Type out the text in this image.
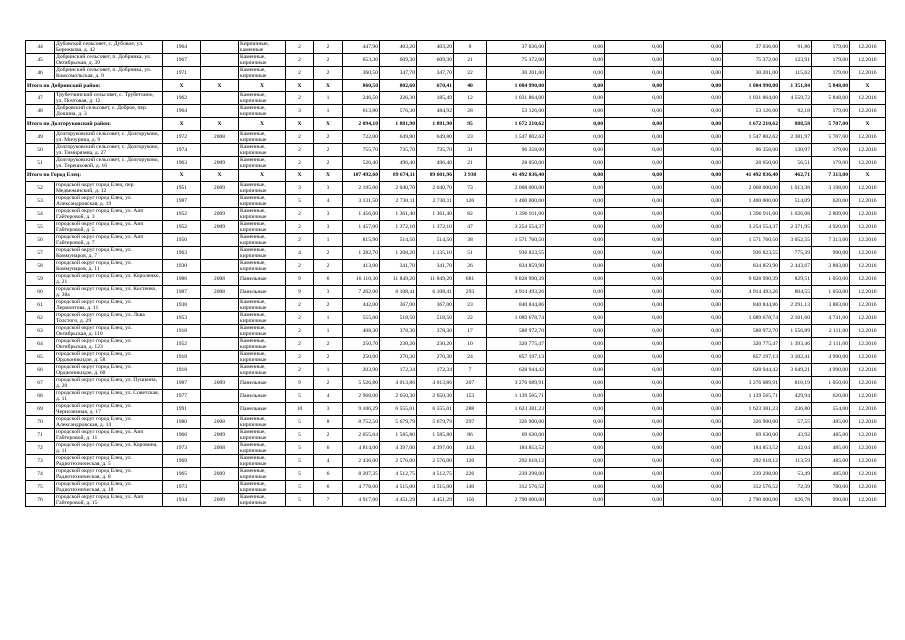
44	Дубовской сельсовет, с. Дубовое, ул. Бережкова, д. 42	1964		Кирпичные, каменные	2	2	447,90	403,20	403,20	8	37 036,00	0,00	0,00	0,00	37 036,00	91,86	179,00	12.2016
45	Добринский сельсовет, п. Добринка, ул. Октябрьская, д. 39	1967		Каменные, кирпичные	2	2	653,30	609,30	609,30	21	75 372,00	0,00	0,00	0,00	75 372,00	123,91	179,00	12.2016
46	Добринский сельсовет, п. Добринка, ул. Комсомольская, д. 9	1971		Каменные, кирпичные	2	2	360,50	347,70	347,70	22	30 201,00	0,00	0,00	0,00	30 201,00	115,62	179,00	12.2016
Итого по Добринский район:		X	X	X	X	X	860,50	802,60	670,41	40	1 084 990,00	0,00	0,00	0,00	1 084 990,00	1 351,84	5 848,00	X
47	Трубетчинский сельсовет, с. Трубетчино, ул. Почтовая, д. 12	1962		Каменные, кирпичные	2	1	246,50	226,30	185,49	12	1 031 864,00	0,00	0,00	0,00	1 031 864,00	4 559,72	5 848,00	12.2016
48	Добровский сельсовет, с. Доброе, пер. Дошина, д. 3	1964		Каменные, кирпичные	3	1	613,80	576,30	484,92	28	53 126,00	0,00	0,00	0,00	53 126,00	92,18	179,00	12.2016
Итого по Долгоруковский район:		X	X	X	X	X	2 094,10	1 881,90	1 881,90	95	1 672 210,62	0,00	0,00	0,00	1 672 210,62	888,58	5 707,00	X
49	Долгоруковский сельсовет, с. Долгоруково, ул. Мичурина, д. 9	1972	2008	Каменные, кирпичные	2	2	722,00	649,80	649,80	23	1 547 802,62	0,00	0,00	0,00	1 547 802,62	2 381,97	5 707,00	12.2016
50	Долгоруковский сельсовет, с. Долгоруково, ул. Тимирязева, д. 27	1974		Каменные, кирпичные	2	2	755,70	735,70	735,70	31	96 358,00	0,00	0,00	0,00	96 358,00	130,97	179,00	12.2016
51	Долгоруковский сельсовет, с. Долгоруково, ул. Терешковой, д. 16	1963	2009	Каменные, кирпичные	2	2	526,40	496,40	496,40	21	28 050,00	0,00	0,00	0,00	28 050,00	56,51	179,00	12.2016
Итого по Город Елец:		X	X	X	X	X	107 492,60	89 674,11	89 601,96	3 930	41 492 836,40	0,00	0,00	0,00	41 492 836,40	462,71	7 313,00	X
52	городской округ город Елец, пер. Медвежинский, д. 12	1951	2009	Каменные, кирпичные	3	3	2 195,00	2 040,70	2 040,70	73	2 068 000,00	0,00	0,00	0,00	2 068 000,00	1 013,38	3 198,00	12.2016
53	городской округ город Елец, ул. Александровская, д. 19	1987		Каменные, кирпичные	5	4	3 131,50	2 730,11	2 730,11	126	1 400 000,00	0,00	0,00	0,00	1 400 000,00	514,09	620,00	12.2016
54	городской округ город Елец, ул. Аип Гайтеровой, д. 3	1952	2009	Каменные, кирпичные	2	3	1 456,00	1 361,40	1 361,40	82	1 396 911,00	0,00	0,00	0,00	1 396 911,00	1 026,08	2 809,00	12.2016
55	городской округ город Елец, ул. Аип Гайтеровой, д. 5	1952	2009	Каменные, кирпичные	2	3	1 457,00	1 372,10	1 372,10	47	3 254 554,37	0,00	0,00	0,00	3 254 554,37	2 371,95	4 920,00	12.2016
56	городской округ город Елец, ул. Аип Гайтеровой, д. 7	1950		Каменные, кирпичные	2	1	815,90	514,50	514,50	38	1 571 760,50	0,00	0,00	0,00	1 571 760,50	3 052,55	7 313,00	12.2016
57	городской округ город Елец, ул. Коммунаров, д. 7	1963		Каменные, кирпичные	4	2	1 282,70	1 208,20	1 135,10	51	936 823,55	0,00	0,00	0,00	936 823,55	775,39	990,00	12.2016
58	городской округ город Елец, ул. Коммунаров, д. 11	1930		Каменные, кирпичные	2	2	413,00	341,70	341,70	26	834 859,90	0,00	0,00	0,00	834 859,90	2 443,67	3 883,00	12.2016
59	городской округ город Елец, ул. Короленко, д. 21	1986	2008	Панельные	9	6	16 110,30	11 849,20	11 849,20	681	9 828 990,39	0,00	0,00	0,00	9 828 990,39	829,51	1 050,00	12.2016
60	городской округ город Елец, ул. Костенко, д. 38а	1987	2008	Панельные	9	3	7 262,00	6 108,41	6 108,41	293	4 914 493,26	0,00	0,00	0,00	4 914 493,26	804,55	1 050,00	12.2016
61	городской округ город Елец, ул. Лермонтова, д. 11	1938		Каменные, кирпичные	2	2	442,00	367,00	367,00	23	840 844,86	0,00	0,00	0,00	840 844,86	2 291,13	3 883,00	12.2016
62	городской округ город Елец, ул. Льва Толстого, д. 29	1953		Каменные, кирпичные	2	1	555,00	518,50	518,50	22	1 089 678,74	0,00	0,00	0,00	1 089 678,74	2 101,60	4 741,00	12.2016
63	городской округ город Елец, ул. Октябрьская, д. 110	1918		Каменные, кирпичные	2	1	408,30	378,30	378,30	17	588 972,70	0,00	0,00	0,00	588 972,70	1 556,89	2 111,00	12.2016
64	городской округ город Елец, ул. Октябрьская, д. 123	1952		Каменные, кирпичные	2	2	250,70	230,20	230,20	10	320 775,47	0,00	0,00	0,00	320 775,47	1 393,46	2 111,00	12.2016
65	городской округ город Елец, ул. Орджоникидзе, д. 58	1918		Каменные, кирпичные	2	2	250,00	270,30	270,30	24	857 197,13	0,00	0,00	0,00	857 197,13	3 102,41	4 990,00	12.2016
66	городской округ город Елец, ул. Орджоникидзе, д. 60	1918		Каменные, кирпичные	2	1	203,90	172,34	172,34	7	628 944,42	0,00	0,00	0,00	628 944,42	3 649,21	4 990,00	12.2016
67	городской округ город Елец, ул. Пушкина, д. 20	1987	2009	Панельные	9	2	5 526,80	4 013,86	4 013,86	207	3 276 089,91	0,00	0,00	0,00	3 276 089,91	816,19	1 050,00	12.2016
68	городской округ город Елец, ул. Советская, д. 11	1977		Панельные	5	4	2 968,00	2 650,30	2 650,30	153	1 139 565,71	0,00	0,00	0,00	1 139 565,71	429,94	620,00	12.2016
69	городской округ город Елец, ул. Черноземная, д. 17	1991		Панельные	10	3	9 106,29	6 555,01	6 555,01	288	1 623 381,23	0,00	0,00	0,00	1 623 381,23	236,80	554,00	12.2016
70	городской округ город Елец, ул. Александровская, д. 14	1980	2008	Каменные, кирпичные	5	8	8 752,50	5 679,79	5 679,79	297	326 900,00	0,00	0,00	0,00	326 900,00	57,55	485,00	12.2016
71	городской округ город Елец, ул. Аип Гайтеровой, д. 11	1966	2009	Каменные, кирпичные	5	2	2 055,04	1 585,80	1 585,80	86	69 630,00	0,00	0,00	0,00	69 630,00	43,92	485,00	12.2016
72	городской округ город Елец, ул. Коровина, д. 11	1973	2008	Каменные, кирпичные	5	6	4 814,00	4 397,00	4 397,00	143	184 853,52	0,00	0,00	0,00	184 853,52	42,04	485,00	12.2016
73	городской округ город Елец, ул. Радиотехническая, д. 5	1969		Каменные, кирпичные	5	4	2 436,00	2 576,00	2 576,00	120	292 618,12	0,00	0,00	0,00	292 618,12	113,59	485,00	12.2016
74	городской округ город Елец, ул. Радиотехническая, д. 8	1965	2009	Каменные, кирпичные	5	6	8 207,35	4 512,75	4 512,75	226	239 298,00	0,00	0,00	0,00	239 298,00	53,49	485,00	12.2016
75	городской округ город Елец, ул. Радиотехническая, д. 18	1973		Каменные, кирпичные	5	6	4 778,00	4 515,00	4 515,00	140	312 576,52	0,00	0,00	0,00	312 576,52	72,39	780,00	12.2016
76	городской округ город Елец, ул. Аип Гайтеровой, д. 15	1934	2009	Каменные, кирпичные	5	7	4 917,00	4 451,29	4 451,29	150	2 790 000,00	0,00	0,00	0,00	2 790 000,00	626,78	990,00	12.2016
